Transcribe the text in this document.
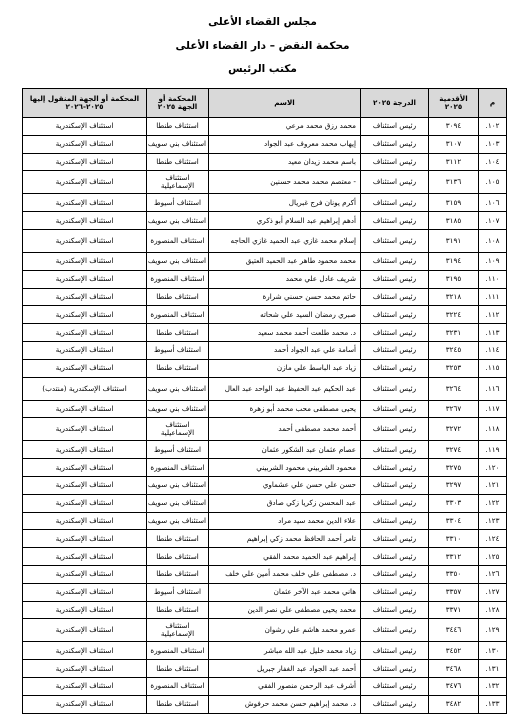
مجلس القضاء الأعلى
محكمة النقض – دار القضاء الأعلى
مكتب الرئيس
م	الأقدمية ٢٠٢٥	الدرجة ٢٠٢٥	الاسم	المحكمة أو الجهة ٢٠٢٥	المحكمة أو الجهة المنقول إليها ٢٠٢٥-٢٠٢٦
١٠٢.	٣٠٩٤	رئيس استئناف	محمد رزق محمد مرعي	استئناف طنطا	استئناف الإسكندرية
١٠٣.	٣١٠٧	رئيس استئناف	إيهاب محمد معروف عبد الجواد	استئناف بني سويف	استئناف الإسكندرية
١٠٤.	٣١١٢	رئيس استئناف	باسم محمد زيدان معيد	استئناف طنطا	استئناف الإسكندرية
١٠٥.	٣١٣٦	رئيس استئناف	- معتصم محمد محمد حسنين	استئناف الإسماعيلية	استئناف الإسكندرية
١٠٦.	٣١٥٩	رئيس استئناف	أكرم يونان فرج غبريال	استئناف أسيوط	استئناف الإسكندرية
١٠٧.	٣١٨٥	رئيس استئناف	أدهم إبراهيم عبد السلام أبو ذكري	استئناف بني سويف	استئناف الإسكندرية
١٠٨.	٣١٩١	رئيس استئناف	إسلام محمد غازي عبد الحميد غازي الحاجه	استئناف المنصورة	استئناف الإسكندرية
١٠٩.	٣١٩٤	رئيس استئناف	محمد محمود طاهر عبد الحميد العتيق	استئناف بني سويف	استئناف الإسكندرية
١١٠.	٣١٩٥	رئيس استئناف	شريف عادل علي محمد	استئناف المنصورة	استئناف الإسكندرية
١١١.	٣٢١٨	رئيس استئناف	حاتم محمد حسن حسني شرارة	استئناف طنطا	استئناف الإسكندرية
١١٢.	٣٢٢٤	رئيس استئناف	صبري رمضان السيد علي شحاته	استئناف المنصورة	استئناف الإسكندرية
١١٣.	٣٢٣١	رئيس استئناف	د. محمد طلعت أحمد محمد سعيد	استئناف طنطا	استئناف الإسكندرية
١١٤.	٣٢٤٥	رئيس استئناف	أسامة علي عبد الجواد أحمد	استئناف أسيوط	استئناف الإسكندرية
١١٥.	٣٢٥٣	رئيس استئناف	زياد عبد الباسط علي مازن	استئناف طنطا	استئناف الإسكندرية
١١٦.	٣٢٦٤	رئيس استئناف	عبد الحكيم عبد الحفيظ عبد الواحد عبد العال	استئناف بني سويف	استئناف الإسكندرية (منتدب)
١١٧.	٣٢٦٧	رئيس استئناف	يحيى مصطفى محب محمد أبو زهرة	استئناف بني سويف	استئناف الإسكندرية
١١٨.	٣٢٧٢	رئيس استئناف	أحمد محمد مصطفى أحمد	استئناف الإسماعيلية	استئناف الإسكندرية
١١٩.	٣٢٧٤	رئيس استئناف	عصام عثمان عبد الشكور عثمان	استئناف أسيوط	استئناف الإسكندرية
١٢٠.	٣٢٧٥	رئيس استئناف	محمود الشربيني محمود الشربيني	استئناف المنصورة	استئناف الإسكندرية
١٢١.	٣٢٩٧	رئيس استئناف	حسن علي حسن علي عشماوي	استئناف بني سويف	استئناف الإسكندرية
١٢٢.	٣٣٠٣	رئيس استئناف	عبد المحسن زكريا زكي صادق	استئناف بني سويف	استئناف الإسكندرية
١٢٣.	٣٣٠٤	رئيس استئناف	علاء الدين محمد سيد مراد	استئناف بني سويف	استئناف الإسكندرية
١٢٤.	٣٣١٠	رئيس استئناف	تامر أحمد الحافظ محمد زكي إبراهيم	استئناف طنطا	استئناف الإسكندرية
١٢٥.	٣٣١٢	رئيس استئناف	إبراهيم عبد الحميد محمد الفقي	استئناف طنطا	استئناف الإسكندرية
١٢٦.	٣٣٥٠	رئيس استئناف	د. مصطفى علي خلف محمد أمين علي خلف	استئناف طنطا	استئناف الإسكندرية
١٢٧.	٣٣٥٧	رئيس استئناف	هاني محمد عبد الآخر عثمان	استئناف أسيوط	استئناف الإسكندرية
١٢٨.	٣٣٧١	رئيس استئناف	محمد يحيى مصطفى علي نصر الدين	استئناف طنطا	استئناف الإسكندرية
١٢٩.	٣٤٤٦	رئيس استئناف	عمرو محمد هاشم علي رشوان	استئناف الإسماعيلية	استئناف الإسكندرية
١٣٠.	٣٤٥٢	رئيس استئناف	زياد محمد خليل عبد الله مباشر	استئناف المنصورة	استئناف الإسكندرية
١٣١.	٣٤٦٨	رئيس استئناف	أحمد عبد الجواد عبد الغفار جبريل	استئناف طنطا	استئناف الإسكندرية
١٣٢.	٣٤٧٦	رئيس استئناف	أشرف عبد الرحمن منصور الفقي	استئناف المنصورة	استئناف الإسكندرية
١٣٣.	٣٤٨٢	رئيس استئناف	د. محمد إبراهيم حسن محمد حرفوش	استئناف طنطا	استئناف الإسكندرية
